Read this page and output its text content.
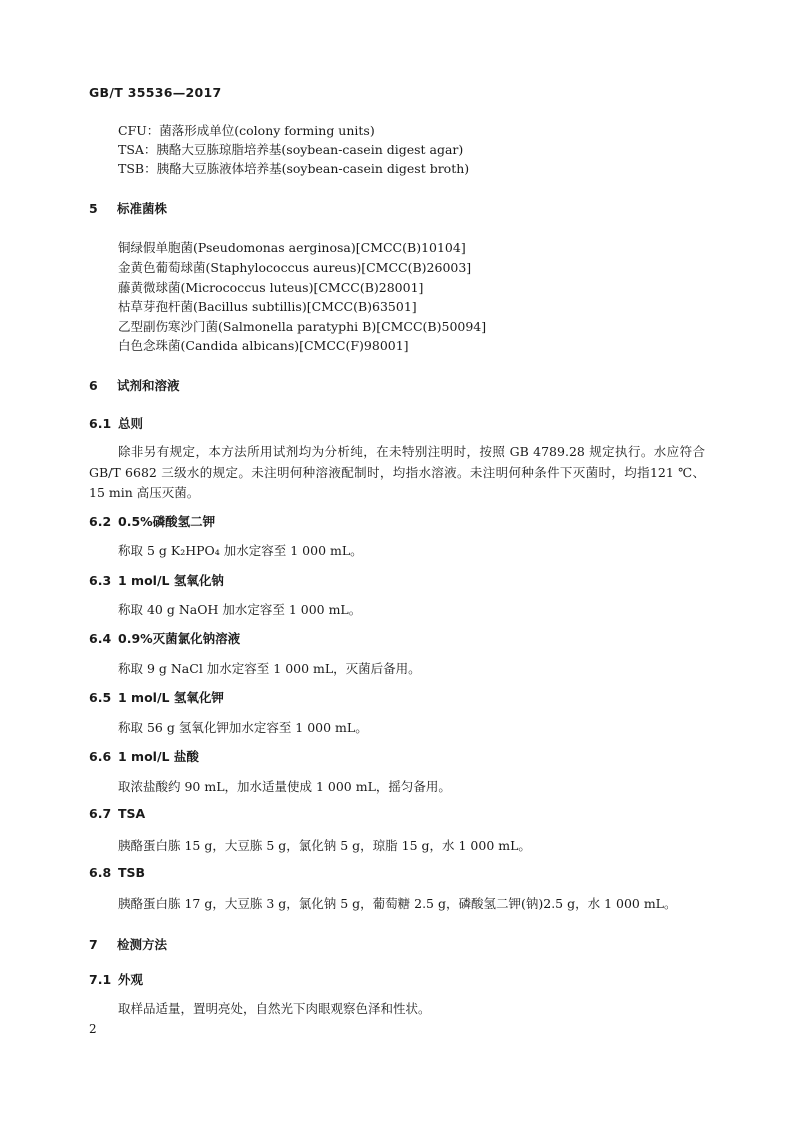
GB/T 35536—2017
CFU：菌落形成单位(colony forming units)
TSA：胰酪大豆胨琼脂培养基(soybean-casein digest agar)
TSB：胰酪大豆胨液体培养基(soybean-casein digest broth)
5 标准菌株
铜绿假单胞菌(Pseudomonas aerginosa)[CMCC(B)10104]
金黄色葡萄球菌(Staphylococcus aureus)[CMCC(B)26003]
藤黄微球菌(Micrococcus luteus)[CMCC(B)28001]
枯草芽孢杆菌(Bacillus subtillis)[CMCC(B)63501]
乙型副伤寒沙门菌(Salmonella paratyphi B)[CMCC(B)50094]
白色念珠菌(Candida albicans)[CMCC(F)98001]
6 试剂和溶液
6.1 总则
除非另有规定，本方法所用试剂均为分析纯，在未特别注明时，按照 GB 4789.28 规定执行。水应符合 GB/T 6682 三级水的规定。未注明何种溶液配制时，均指水溶液。未注明何种条件下灭菌时，均指121 ℃、15 min 高压灭菌。
6.2 0.5%磷酸氢二钾
称取 5 g K₂HPO₄ 加水定容至 1 000 mL。
6.3 1 mol/L 氢氧化钠
称取 40 g NaOH 加水定容至 1 000 mL。
6.4 0.9%灭菌氯化钠溶液
称取 9 g NaCl 加水定容至 1 000 mL，灭菌后备用。
6.5 1 mol/L 氢氧化钾
称取 56 g 氢氧化钾加水定容至 1 000 mL。
6.6 1 mol/L 盐酸
取浓盐酸约 90 mL，加水适量使成 1 000 mL，摇匀备用。
6.7 TSA
胰酪蛋白胨 15 g，大豆胨 5 g，氯化钠 5 g，琼脂 15 g，水 1 000 mL。
6.8 TSB
胰酪蛋白胨 17 g，大豆胨 3 g，氯化钠 5 g，葡萄糖 2.5 g，磷酸氢二钾(钠)2.5 g，水 1 000 mL。
7 检测方法
7.1 外观
取样品适量，置明亮处，自然光下肉眼观察色泽和性状。
2
